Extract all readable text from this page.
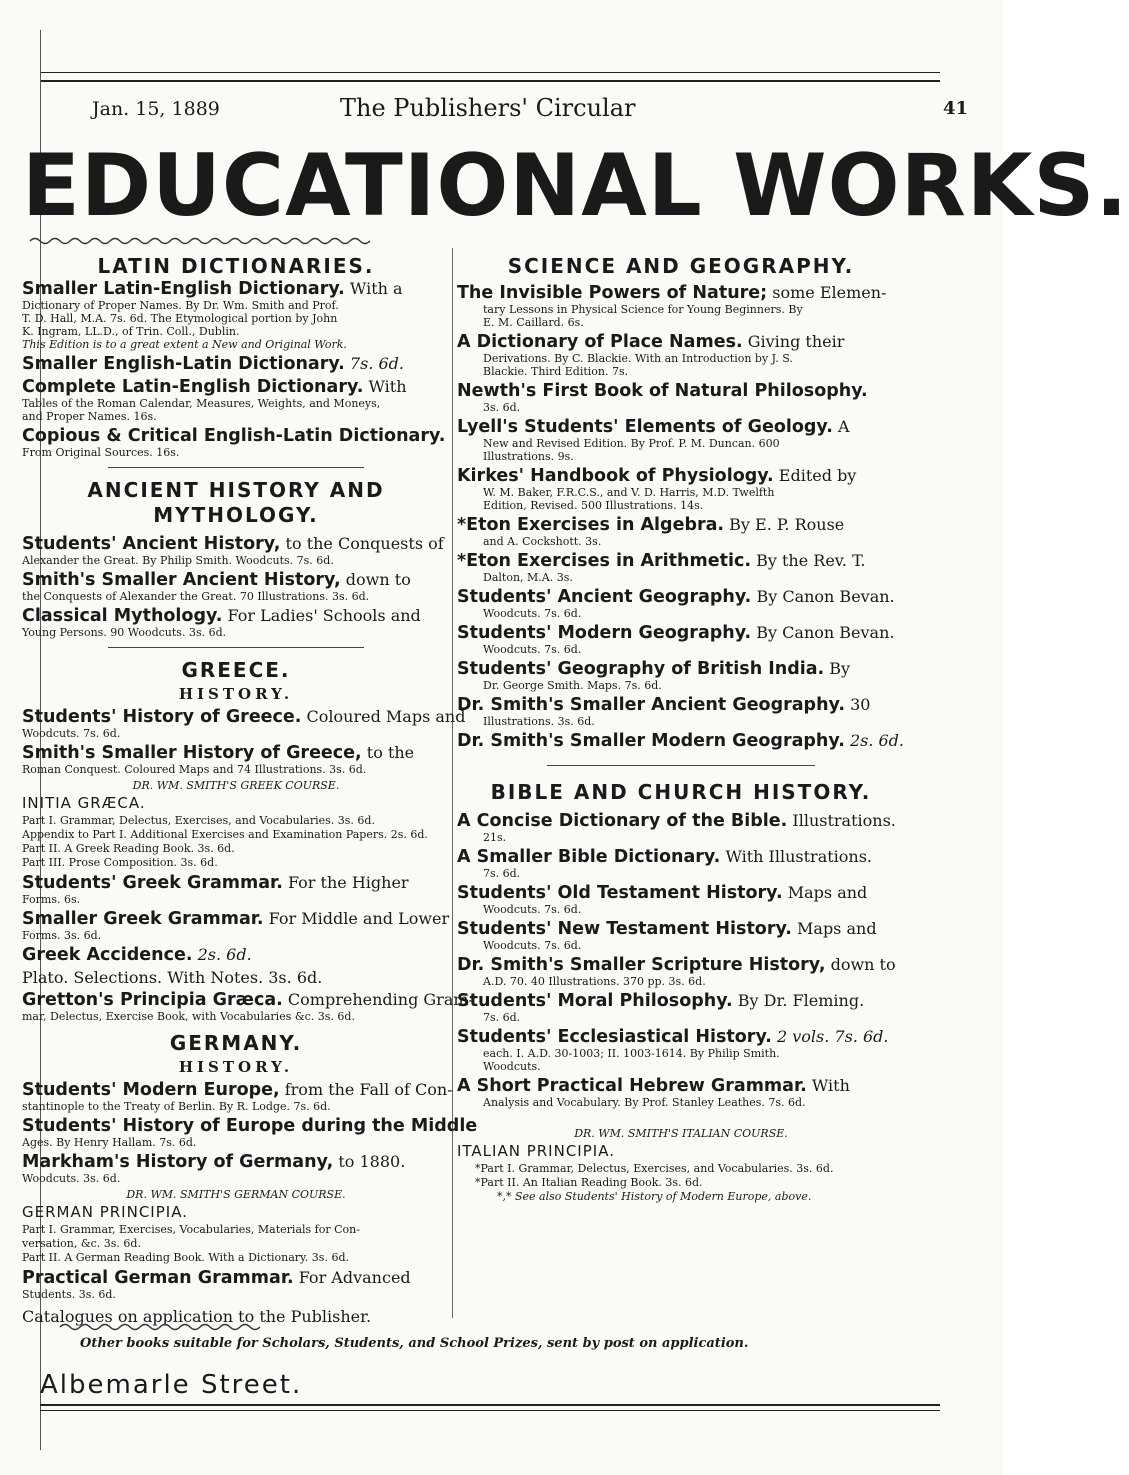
Jan. 15, 1889	The Publishers' Circular	41
EDUCATIONAL WORKS.
LATIN DICTIONARIES.
Smaller Latin-English Dictionary. With a
Dictionary of Proper Names. By Dr. Wm. Smith and Prof.
T. D. Hall, M.A. 7s. 6d. The Etymological portion by John
K. Ingram, LL.D., of Trin. Coll., Dublin.
This Edition is to a great extent a New and Original Work.
Smaller English-Latin Dictionary. 7s. 6d.
Complete Latin-English Dictionary. With
Tables of the Roman Calendar, Measures, Weights, and Moneys,
and Proper Names. 16s.
Copious & Critical English-Latin Dictionary.
From Original Sources. 16s.
ANCIENT HISTORY AND
MYTHOLOGY.
Students' Ancient History, to the Conquests of
Alexander the Great. By Philip Smith. Woodcuts. 7s. 6d.
Smith's Smaller Ancient History, down to
the Conquests of Alexander the Great. 70 Illustrations. 3s. 6d.
Classical Mythology. For Ladies' Schools and
Young Persons. 90 Woodcuts. 3s. 6d.
GREECE.
HISTORY.
Students' History of Greece. Coloured Maps and
Woodcuts. 7s. 6d.
Smith's Smaller History of Greece, to the
Roman Conquest. Coloured Maps and 74 Illustrations. 3s. 6d.
DR. WM. SMITH'S GREEK COURSE.
INITIA GRÆCA.
Part I. Grammar, Delectus, Exercises, and Vocabularies. 3s. 6d.
Appendix to Part I. Additional Exercises and Examination Papers. 2s. 6d.
Part II. A Greek Reading Book. 3s. 6d.
Part III. Prose Composition. 3s. 6d.
Students' Greek Grammar. For the Higher
Forms. 6s.
Smaller Greek Grammar. For Middle and Lower
Forms. 3s. 6d.
Greek Accidence. 2s. 6d.
Plato. Selections. With Notes. 3s. 6d.
Gretton's Principia Græca. Comprehending Gram-
mar, Delectus, Exercise Book, with Vocabularies &c. 3s. 6d.
GERMANY.
HISTORY.
Students' Modern Europe, from the Fall of Con-
stantinople to the Treaty of Berlin. By R. Lodge. 7s. 6d.
Students' History of Europe during the Middle
Ages. By Henry Hallam. 7s. 6d.
Markham's History of Germany, to 1880.
Woodcuts. 3s. 6d.
DR. WM. SMITH'S GERMAN COURSE.
GERMAN PRINCIPIA.
Part I. Grammar, Exercises, Vocabularies, Materials for Con-
versation, &c. 3s. 6d.
Part II. A German Reading Book. With a Dictionary. 3s. 6d.
Practical German Grammar. For Advanced
Students. 3s. 6d.
Catalogues on application to the Publisher.
SCIENCE AND GEOGRAPHY.
The Invisible Powers of Nature; some Elemen-
tary Lessons in Physical Science for Young Beginners. By
E. M. Caillard. 6s.
A Dictionary of Place Names. Giving their
Derivations. By C. Blackie. With an Introduction by J. S.
Blackie. Third Edition. 7s.
Newth's First Book of Natural Philosophy.
3s. 6d.
Lyell's Students' Elements of Geology. A
New and Revised Edition. By Prof. P. M. Duncan. 600
Illustrations. 9s.
Kirkes' Handbook of Physiology. Edited by
W. M. Baker, F.R.C.S., and V. D. Harris, M.D. Twelfth
Edition, Revised. 500 Illustrations. 14s.
*Eton Exercises in Algebra. By E. P. Rouse
and A. Cockshott. 3s.
*Eton Exercises in Arithmetic. By the Rev. T.
Dalton, M.A. 3s.
Students' Ancient Geography. By Canon Bevan.
Woodcuts. 7s. 6d.
Students' Modern Geography. By Canon Bevan.
Woodcuts. 7s. 6d.
Students' Geography of British India. By
Dr. George Smith. Maps. 7s. 6d.
Dr. Smith's Smaller Ancient Geography. 30
Illustrations. 3s. 6d.
Dr. Smith's Smaller Modern Geography. 2s. 6d.
BIBLE AND CHURCH HISTORY.
A Concise Dictionary of the Bible. Illustrations.
21s.
A Smaller Bible Dictionary. With Illustrations.
7s. 6d.
Students' Old Testament History. Maps and
Woodcuts. 7s. 6d.
Students' New Testament History. Maps and
Woodcuts. 7s. 6d.
Dr. Smith's Smaller Scripture History, down to
A.D. 70. 40 Illustrations. 370 pp. 3s. 6d.
Students' Moral Philosophy. By Dr. Fleming.
7s. 6d.
Students' Ecclesiastical History. 2 vols. 7s. 6d.
each. I. A.D. 30-1003; II. 1003-1614. By Philip Smith.
Woodcuts.
A Short Practical Hebrew Grammar. With
Analysis and Vocabulary. By Prof. Stanley Leathes. 7s. 6d.
DR. WM. SMITH'S ITALIAN COURSE.
ITALIAN PRINCIPIA.
*Part I. Grammar, Delectus, Exercises, and Vocabularies. 3s. 6d.
*Part II. An Italian Reading Book. 3s. 6d.
*,* See also Students' History of Modern Europe, above.
Other books suitable for Scholars, Students, and School Prizes, sent by post on application.
Albemarle Street.
